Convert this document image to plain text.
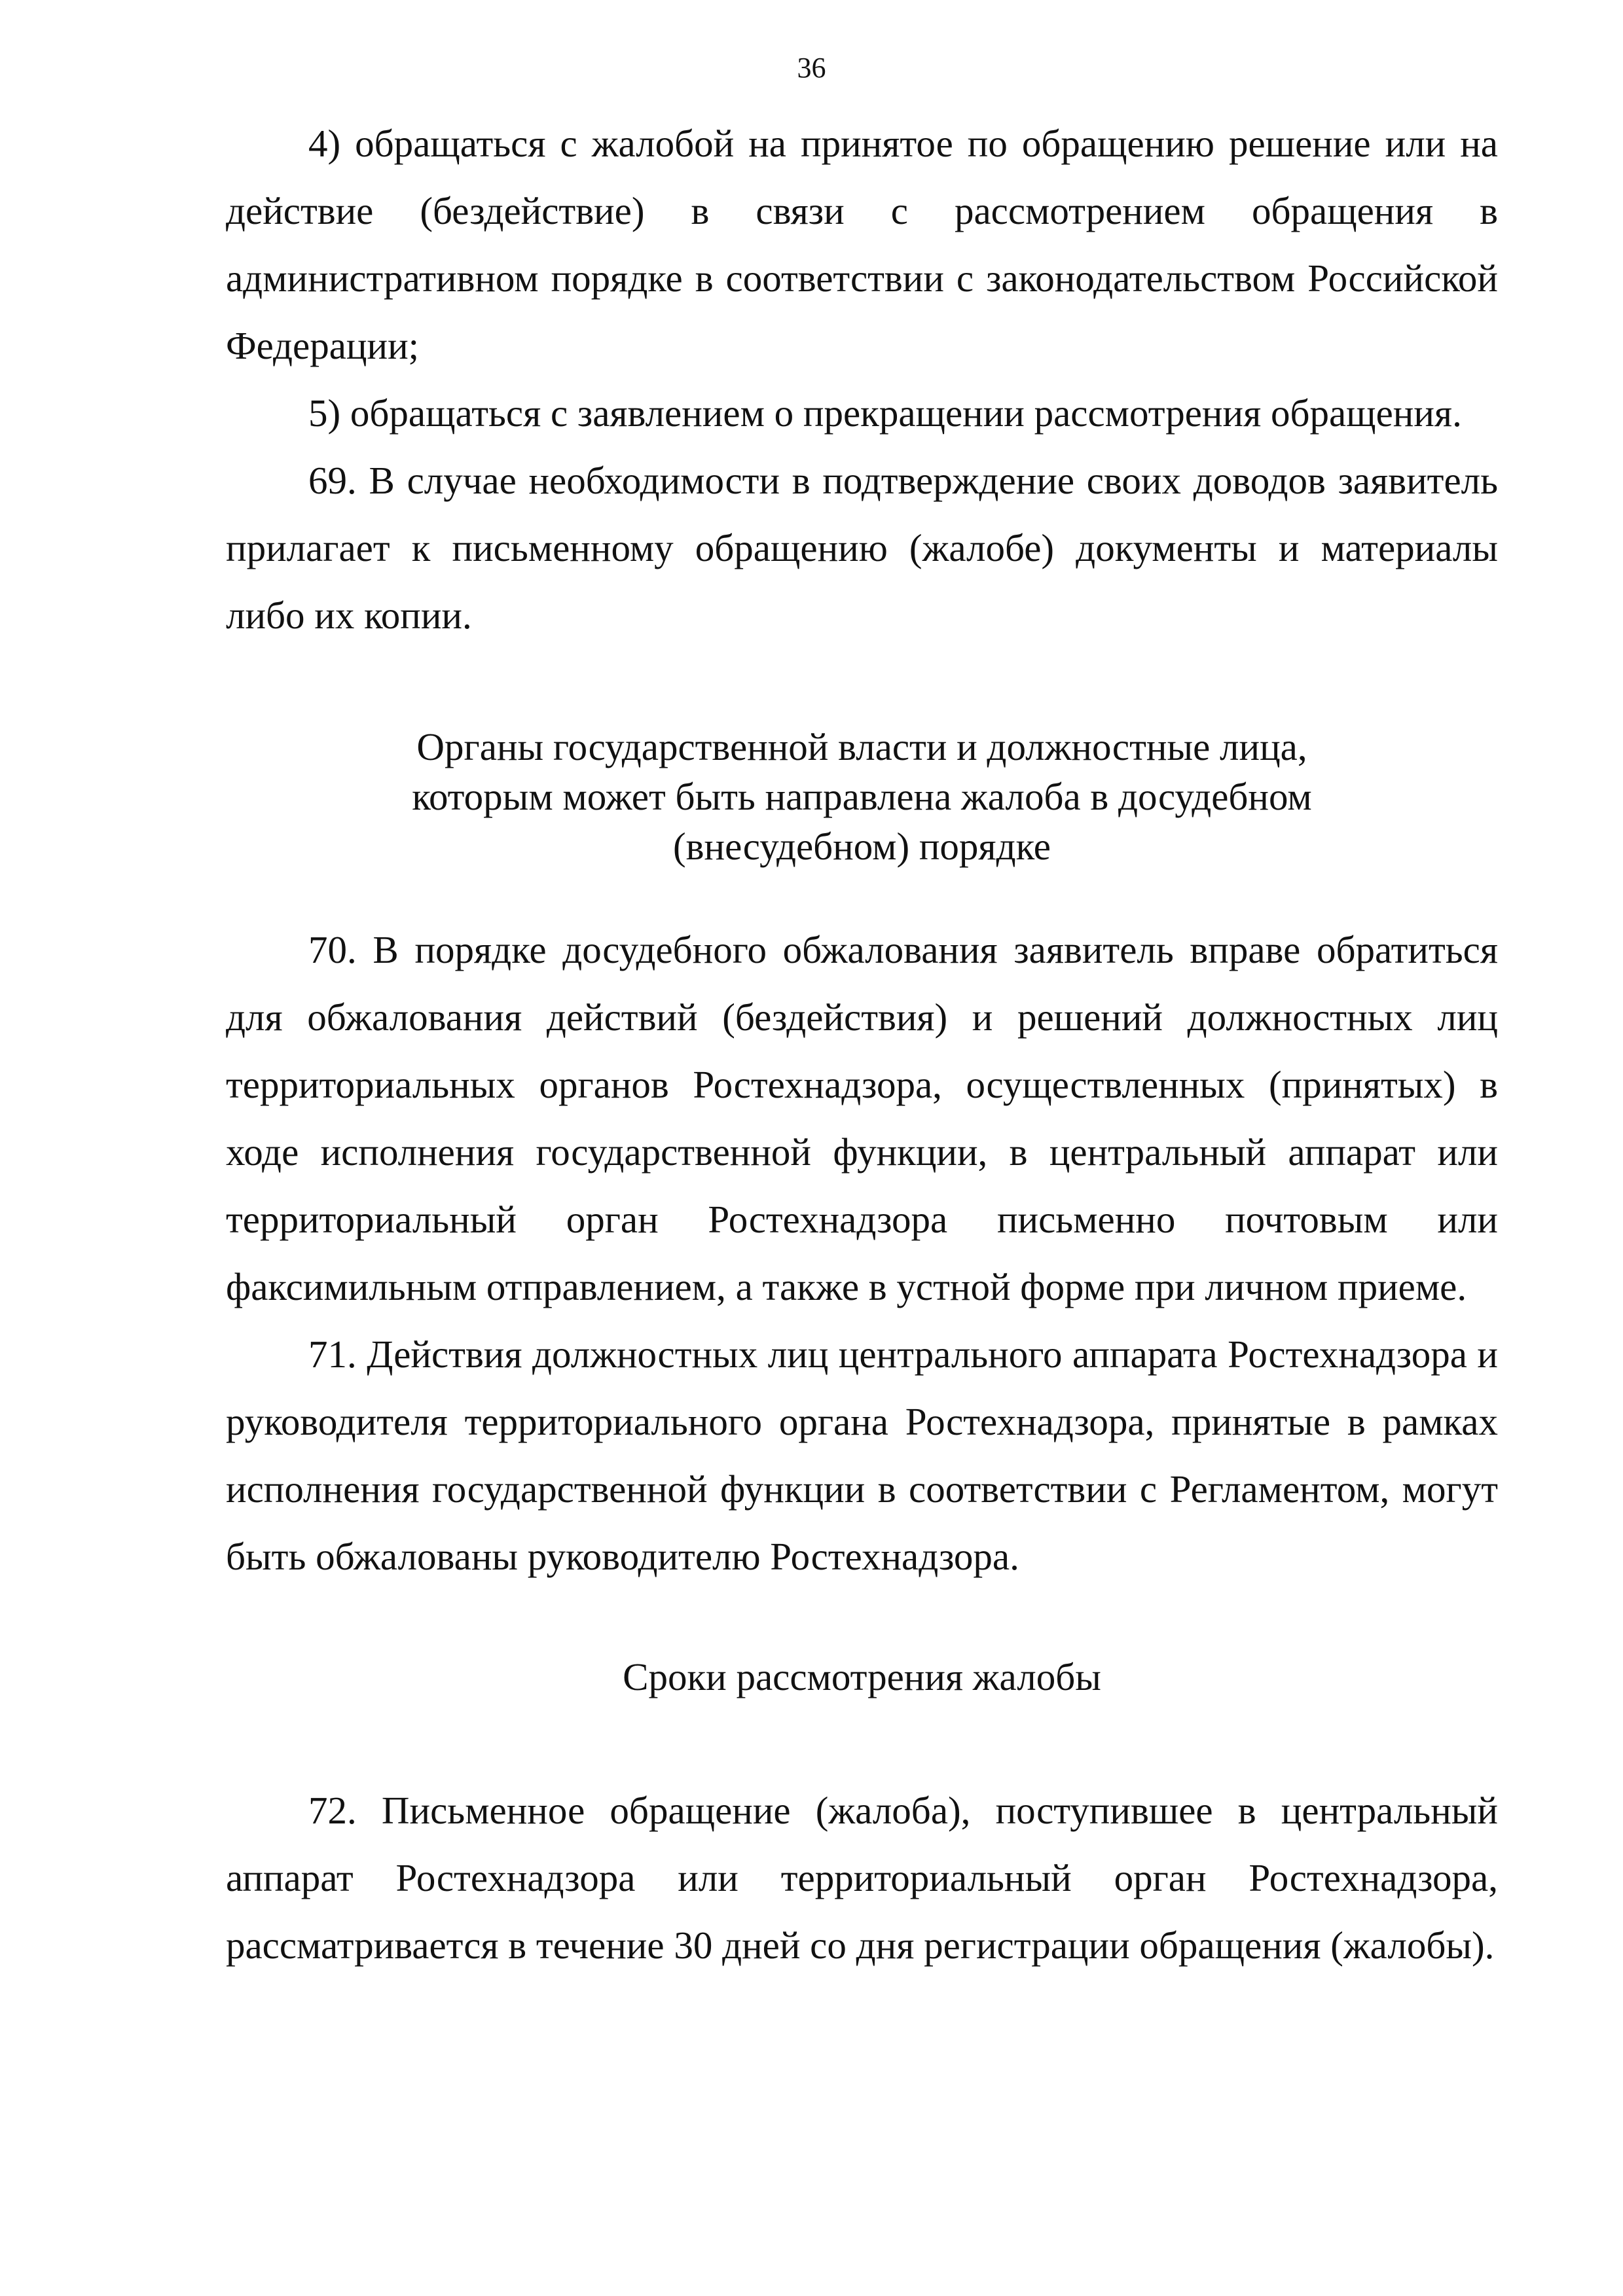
36

4) обращаться с жалобой на принятое по обращению решение или на действие (бездействие) в связи с рассмотрением обращения в административном порядке в соответствии с законодательством Российской Федерации;

5) обращаться с заявлением о прекращении рассмотрения обращения.

69. В случае необходимости в подтверждение своих доводов заявитель прилагает к письменному обращению (жалобе) документы и материалы либо их копии.

Органы государственной власти и должностные лица,
которым может быть направлена жалоба в досудебном
(внесудебном) порядке

70. В порядке досудебного обжалования заявитель вправе обратиться для обжалования действий (бездействия) и решений должностных лиц территориальных органов Ростехнадзора, осуществленных (принятых) в ходе исполнения государственной функции, в центральный аппарат или территориальный орган Ростехнадзора письменно почтовым или факсимильным отправлением, а также в устной форме при личном приеме.

71. Действия должностных лиц центрального аппарата Ростехнадзора и руководителя территориального органа Ростехнадзора, принятые в рамках исполнения государственной функции в соответствии с Регламентом, могут быть обжалованы руководителю Ростехнадзора.

Сроки рассмотрения жалобы

72. Письменное обращение (жалоба), поступившее в центральный аппарат Ростехнадзора или территориальный орган Ростехнадзора, рассматривается в течение 30 дней со дня регистрации обращения (жалобы).
